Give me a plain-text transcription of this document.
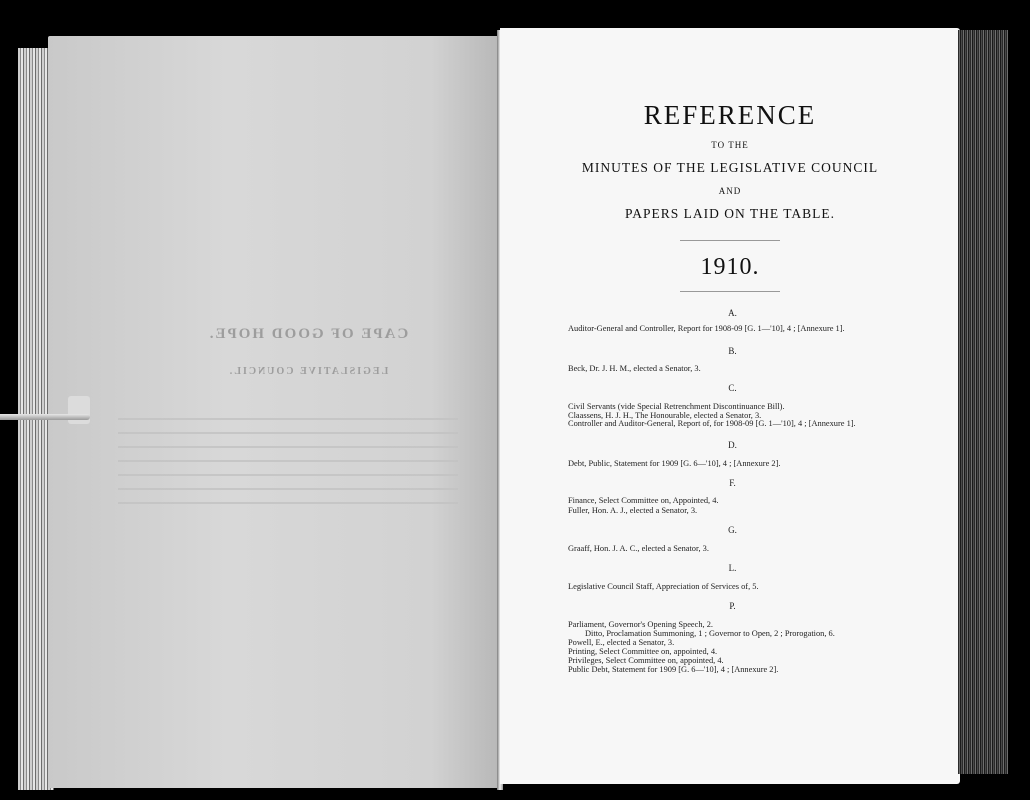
CAPE OF GOOD HOPE.
LEGISLATIVE COUNCIL.
REFERENCE
TO THE
MINUTES OF THE LEGISLATIVE COUNCIL
AND
PAPERS LAID ON THE TABLE.
1910.
A.
Auditor-General and Controller, Report for 1908-09 [G. 1—'10], 4 ; [Annexure 1].
B.
Beck, Dr. J. H. M., elected a Senator, 3.
C.
Civil Servants (vide Special Retrenchment Discontinuance Bill).
Claassens, H. J. H., The Honourable, elected a Senator, 3.
Controller and Auditor-General, Report of, for 1908-09 [G. 1—'10], 4 ; [Annexure 1].
D.
Debt, Public, Statement for 1909 [G. 6—'10], 4 ; [Annexure 2].
F.
Finance, Select Committee on, Appointed, 4.
Fuller, Hon. A. J., elected a Senator, 3.
G.
Graaff, Hon. J. A. C., elected a Senator, 3.
L.
Legislative Council Staff, Appreciation of Services of, 5.
P.
Parliament, Governor's Opening Speech, 2.
Ditto, Proclamation Summoning, 1 ; Governor to Open, 2 ; Prorogation, 6.
Powell, E., elected a Senator, 3.
Printing, Select Committee on, appointed, 4.
Privileges, Select Committee on, appointed, 4.
Public Debt, Statement for 1909 [G. 6—'10], 4 ; [Annexure 2].
